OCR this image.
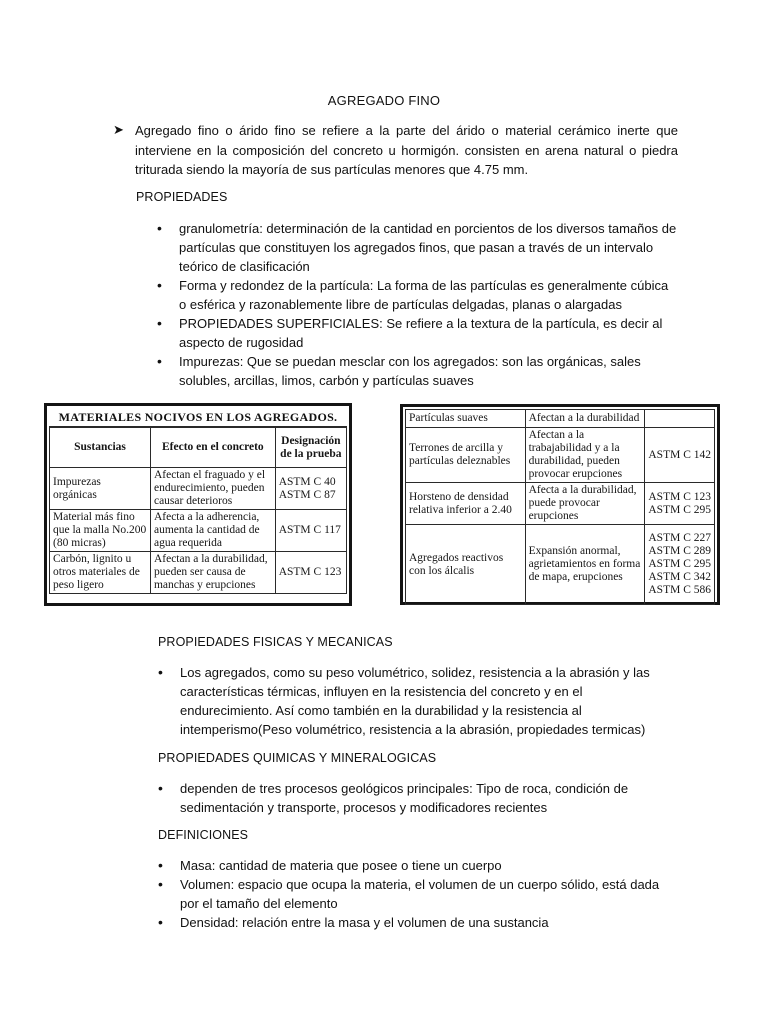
AGREGADO FINO
➤ Agregado fino o árido fino se refiere a la parte del árido o material cerámico inerte que interviene en la composición del concreto u hormigón. consisten en arena natural o piedra triturada siendo la mayoría de sus partículas menores que 4.75 mm.
PROPIEDADES
• granulometría: determinación de la cantidad en porcientos de los diversos tamaños de partículas que constituyen los agregados finos, que pasan a través de un intervalo teórico de clasificación
• Forma y redondez de la partícula: La forma de las partículas es generalmente cúbica o esférica y razonablemente libre de partículas delgadas, planas o alargadas
• PROPIEDADES SUPERFICIALES: Se refiere a la textura de la partícula, es decir al aspecto de rugosidad
• Impurezas: Que se puedan mesclar con los agregados: son las orgánicas, sales solubles, arcillas, limos, carbón y partículas suaves
MATERIALES NOCIVOS EN LOS AGREGADOS.
Sustancias	Efecto en el concreto	Designación de la prueba
Impurezas orgánicas	Afectan el fraguado y el endurecimiento, pueden causar deterioros	ASTM C 40
ASTM C 87

Material más fino que la malla No.200 (80 micras)	Afecta a la adherencia, aumenta la cantidad de agua requerida	ASTM C 117

Carbón, lignito u otros materiales de peso ligero	Afectan a la durabilidad, pueden ser causa de manchas y erupciones	ASTM C 123
Partículas suaves	Afectan a la durabilidad	
Terrones de arcilla y partículas deleznables	Afectan a la trabajabilidad y a la durabilidad, pueden provocar erupciones	ASTM C 142

Horsteno de densidad relativa inferior a 2.40	Afecta a la durabilidad, puede provocar erupciones	ASTM C 123
ASTM C 295

Agregados reactivos con los álcalis	Expansión anormal, agrietamientos en forma de mapa, erupciones	ASTM C 227
ASTM C 289
ASTM C 295
ASTM C 342
ASTM C 586
PROPIEDADES FISICAS Y MECANICAS
• Los agregados, como su peso volumétrico, solidez, resistencia a la abrasión y las características térmicas, influyen en la resistencia del concreto y en el endurecimiento. Así como también en la durabilidad y la resistencia al intemperismo(Peso volumétrico, resistencia a la abrasión, propiedades termicas)
PROPIEDADES QUIMICAS Y MINERALOGICAS
• dependen de tres procesos geológicos principales: Tipo de roca, condición de sedimentación y transporte, procesos y modificadores recientes
DEFINICIONES
• Masa: cantidad de materia que posee o tiene un cuerpo
• Volumen: espacio que ocupa la materia, el volumen de un cuerpo sólido, está dada por el tamaño del elemento
• Densidad: relación entre la masa y el volumen de una sustancia
